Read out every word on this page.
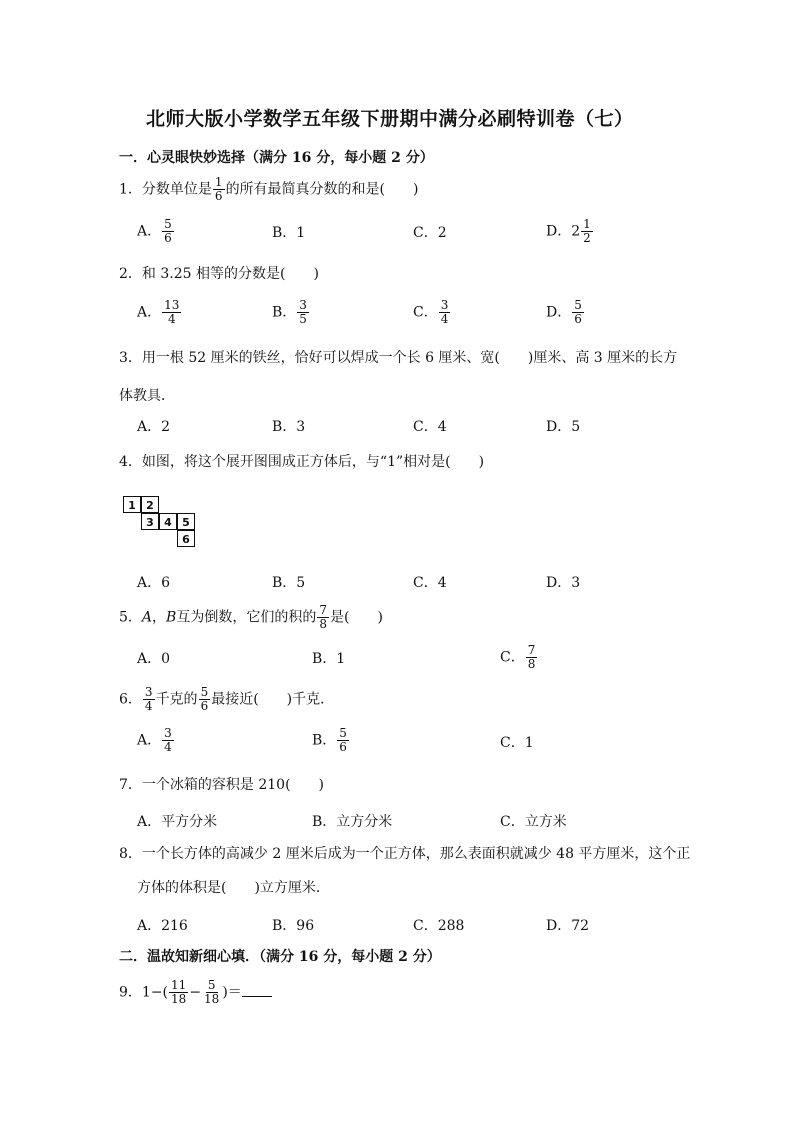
北师大版小学数学五年级下册期中满分必刷特训卷（七）
一．心灵眼快妙选择（满分 16 分，每小题 2 分）
1．分数单位是 $\frac{1}{6}$ 的所有最简真分数的和是(　　)
A． $\frac{5}{6}$	B．1	C．2	D．$2 \frac{1}{2}$
2．和 3.25 相等的分数是(　　)
A． $\frac{13}{4}$	B． $\frac{3}{5}$	C． $\frac{3}{4}$	D． $\frac{5}{6}$
3．用一根 52 厘米的铁丝，恰好可以焊成一个长 6 厘米、宽(　　)厘米、高 3 厘米的长方
体教具．
A．2	B．3	C．4	D．5
4．如图，将这个展开图围成正方体后，与“1”相对是(　　)
1 2
3 4 5
6
A．6	B．5	C．4	D．3
5．A，B互为倒数，它们的积的 $\frac{7}{8}$ 是(　　)
A．0	B．1	C． $\frac{7}{8}$
6． $\frac{3}{4}$ 千克的 $\frac{5}{6}$ 最接近(　　)千克．
A． $\frac{3}{4}$	B． $\frac{5}{6}$	C．1
7．一个冰箱的容积是 210(　　)
A．平方分米	B．立方分米	C．立方米
8．一个长方体的高减少 2 厘米后成为一个正方体，那么表面积就减少 48 平方厘米，这个正
方体的体积是(　　)立方厘米．
A．216	B．96	C．288	D．72
二．温故知新细心填．（满分 16 分，每小题 2 分）
9．$1-( \frac{11}{18} - \frac{5}{18}$ )＝
